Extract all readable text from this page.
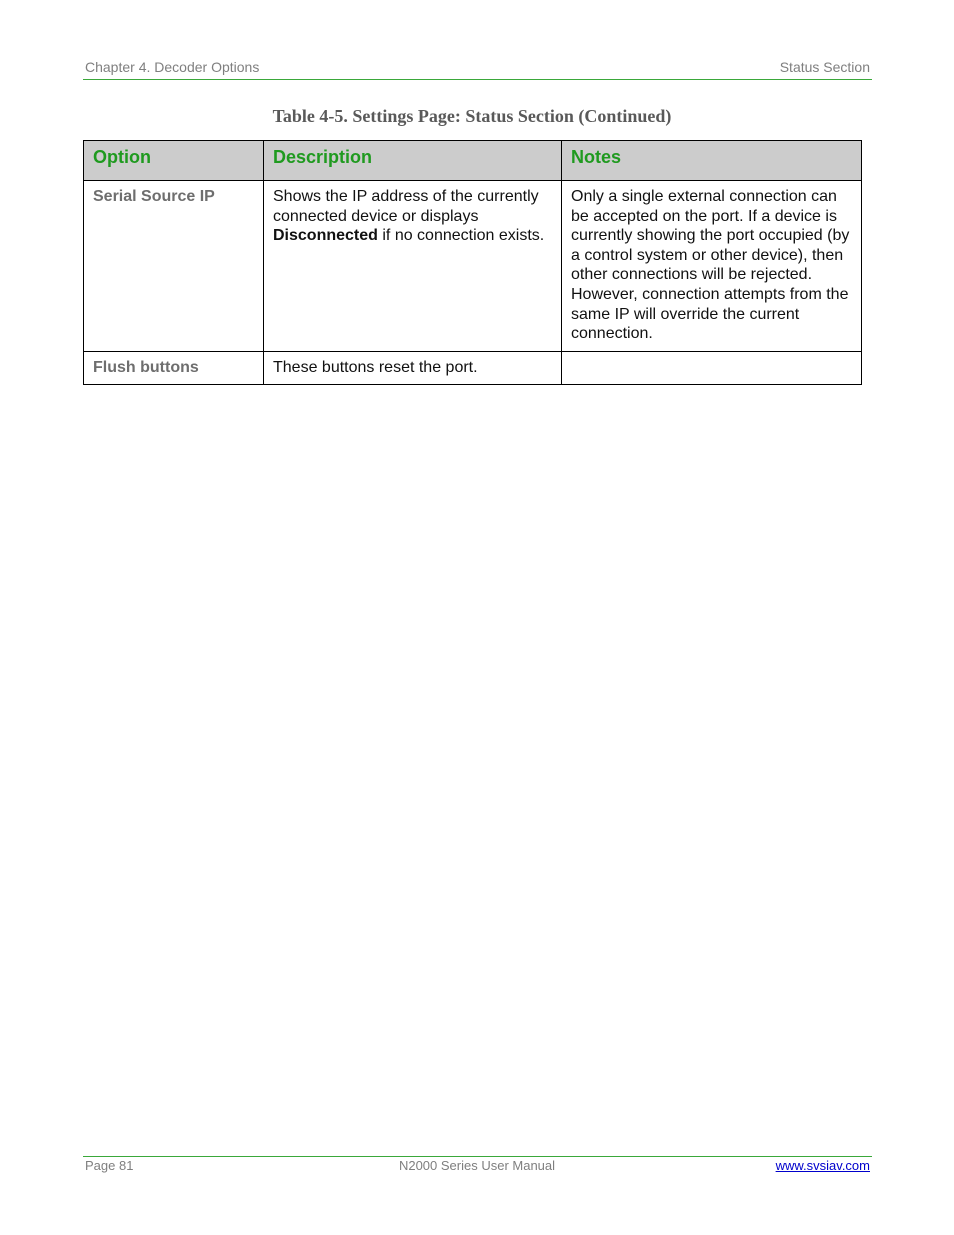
Chapter 4. Decoder Options	Status Section
Table 4-5. Settings Page: Status Section (Continued)
Option	Description	Notes
Serial Source IP	Shows the IP address of the currently connected device or displays Disconnected if no connection exists.	Only a single external connection can be accepted on the port. If a device is currently showing the port occupied (by a control system or other device), then other connections will be rejected. However, connection attempts from the same IP will override the current connection.
Flush buttons	These buttons reset the port.	
Page 81	N2000 Series User Manual	www.svsiav.com
